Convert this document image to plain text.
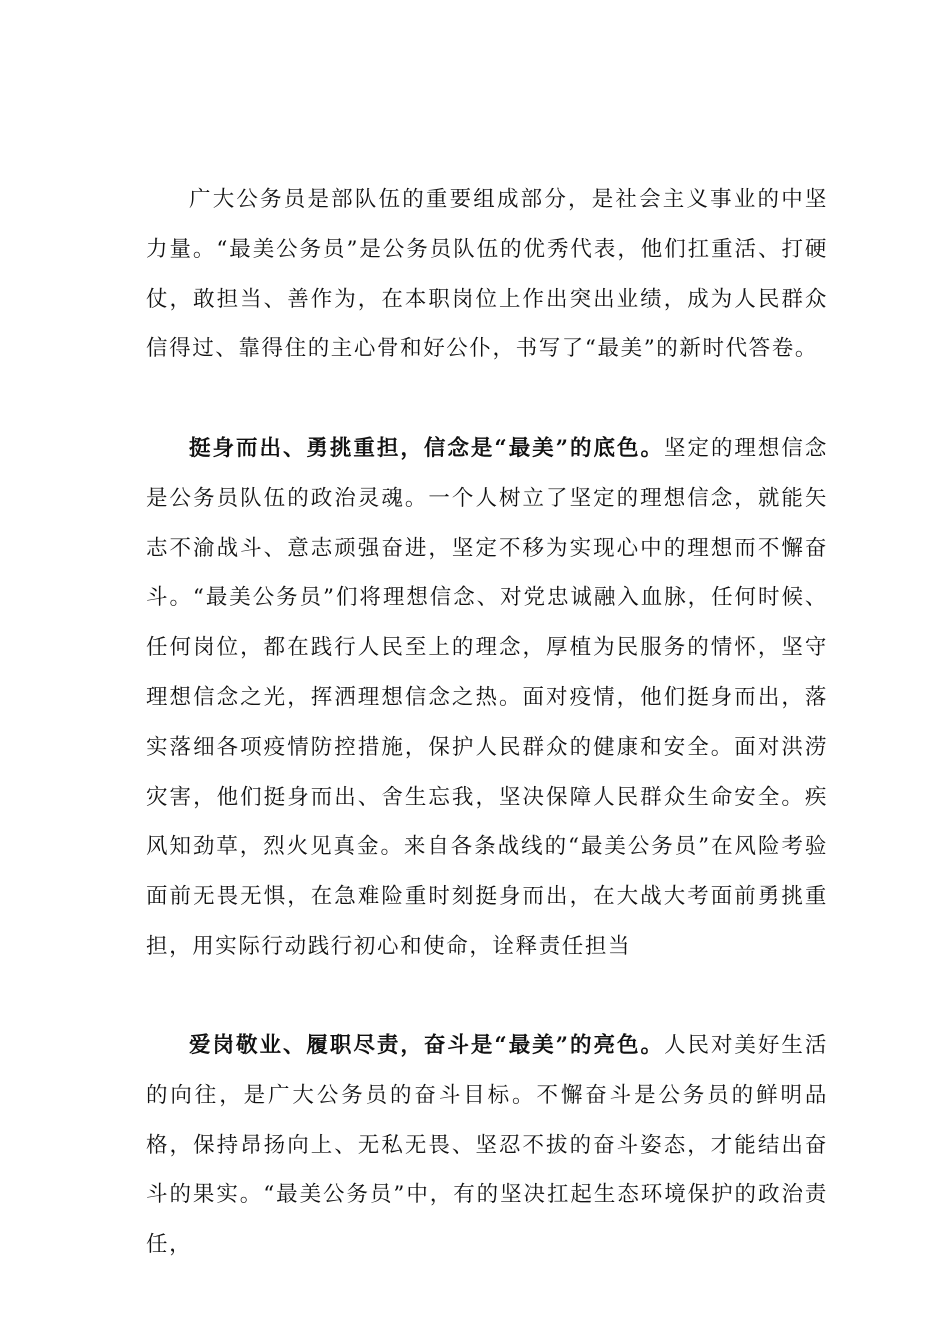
广大公务员是部队伍的重要组成部分，是社会主义事业的中坚力量。“最美公务员”是公务员队伍的优秀代表，他们扛重活、打硬仗，敢担当、善作为，在本职岗位上作出突出业绩，成为人民群众信得过、靠得住的主心骨和好公仆，书写了“最美”的新时代答卷。

挺身而出、勇挑重担，信念是“最美”的底色。坚定的理想信念是公务员队伍的政治灵魂。一个人树立了坚定的理想信念，就能矢志不渝战斗、意志顽强奋进，坚定不移为实现心中的理想而不懈奋斗。“最美公务员”们将理想信念、对党忠诚融入血脉，任何时候、任何岗位，都在践行人民至上的理念，厚植为民服务的情怀，坚守理想信念之光，挥洒理想信念之热。面对疫情，他们挺身而出，落实落细各项疫情防控措施，保护人民群众的健康和安全。面对洪涝灾害，他们挺身而出、舍生忘我，坚决保障人民群众生命安全。疾风知劲草，烈火见真金。来自各条战线的“最美公务员”在风险考验面前无畏无惧，在急难险重时刻挺身而出，在大战大考面前勇挑重担，用实际行动践行初心和使命，诠释责任担当

爱岗敬业、履职尽责，奋斗是“最美”的亮色。人民对美好生活的向往，是广大公务员的奋斗目标。不懈奋斗是公务员的鲜明品格，保持昂扬向上、无私无畏、坚忍不拔的奋斗姿态，才能结出奋斗的果实。“最美公务员”中，有的坚决扛起生态环境保护的政治责任，
